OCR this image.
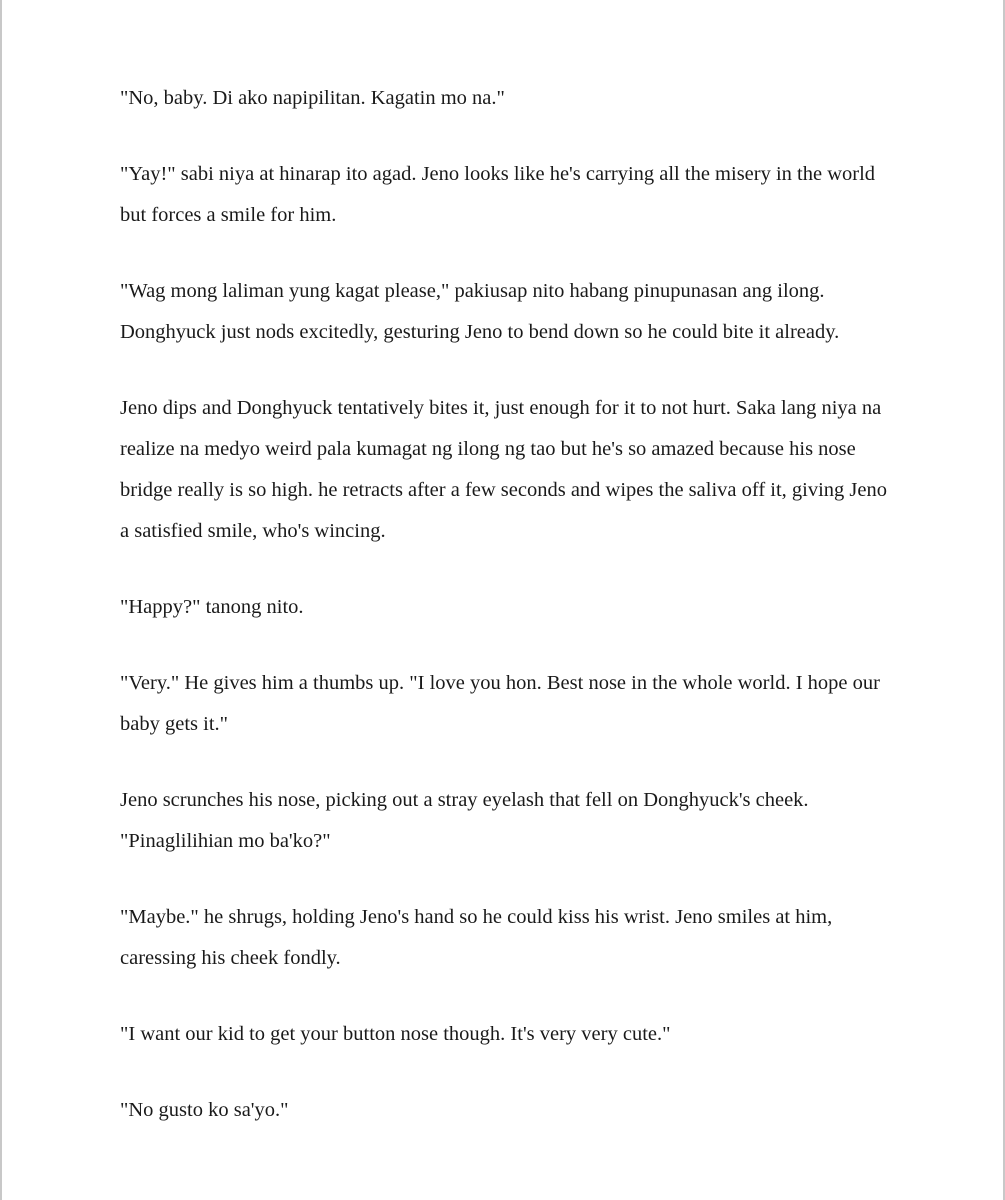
"No, baby. Di ako napipilitan. Kagatin mo na."

"Yay!" sabi niya at hinarap ito agad. Jeno looks like he's carrying all the misery in the world but forces a smile for him.

"Wag mong laliman yung kagat please," pakiusap nito habang pinupunasan ang ilong. Donghyuck just nods excitedly, gesturing Jeno to bend down so he could bite it already.

Jeno dips and Donghyuck tentatively bites it, just enough for it to not hurt. Saka lang niya na realize na medyo weird pala kumagat ng ilong ng tao but he's so amazed because his nose bridge really is so high. he retracts after a few seconds and wipes the saliva off it, giving Jeno a satisfied smile, who's wincing.

"Happy?" tanong nito.

"Very." He gives him a thumbs up. "I love you hon. Best nose in the whole world. I hope our baby gets it."

Jeno scrunches his nose, picking out a stray eyelash that fell on Donghyuck's cheek. "Pinaglilihian mo ba'ko?"

"Maybe." he shrugs, holding Jeno's hand so he could kiss his wrist. Jeno smiles at him, caressing his cheek fondly.

"I want our kid to get your button nose though. It's very very cute."

"No gusto ko sa'yo."
